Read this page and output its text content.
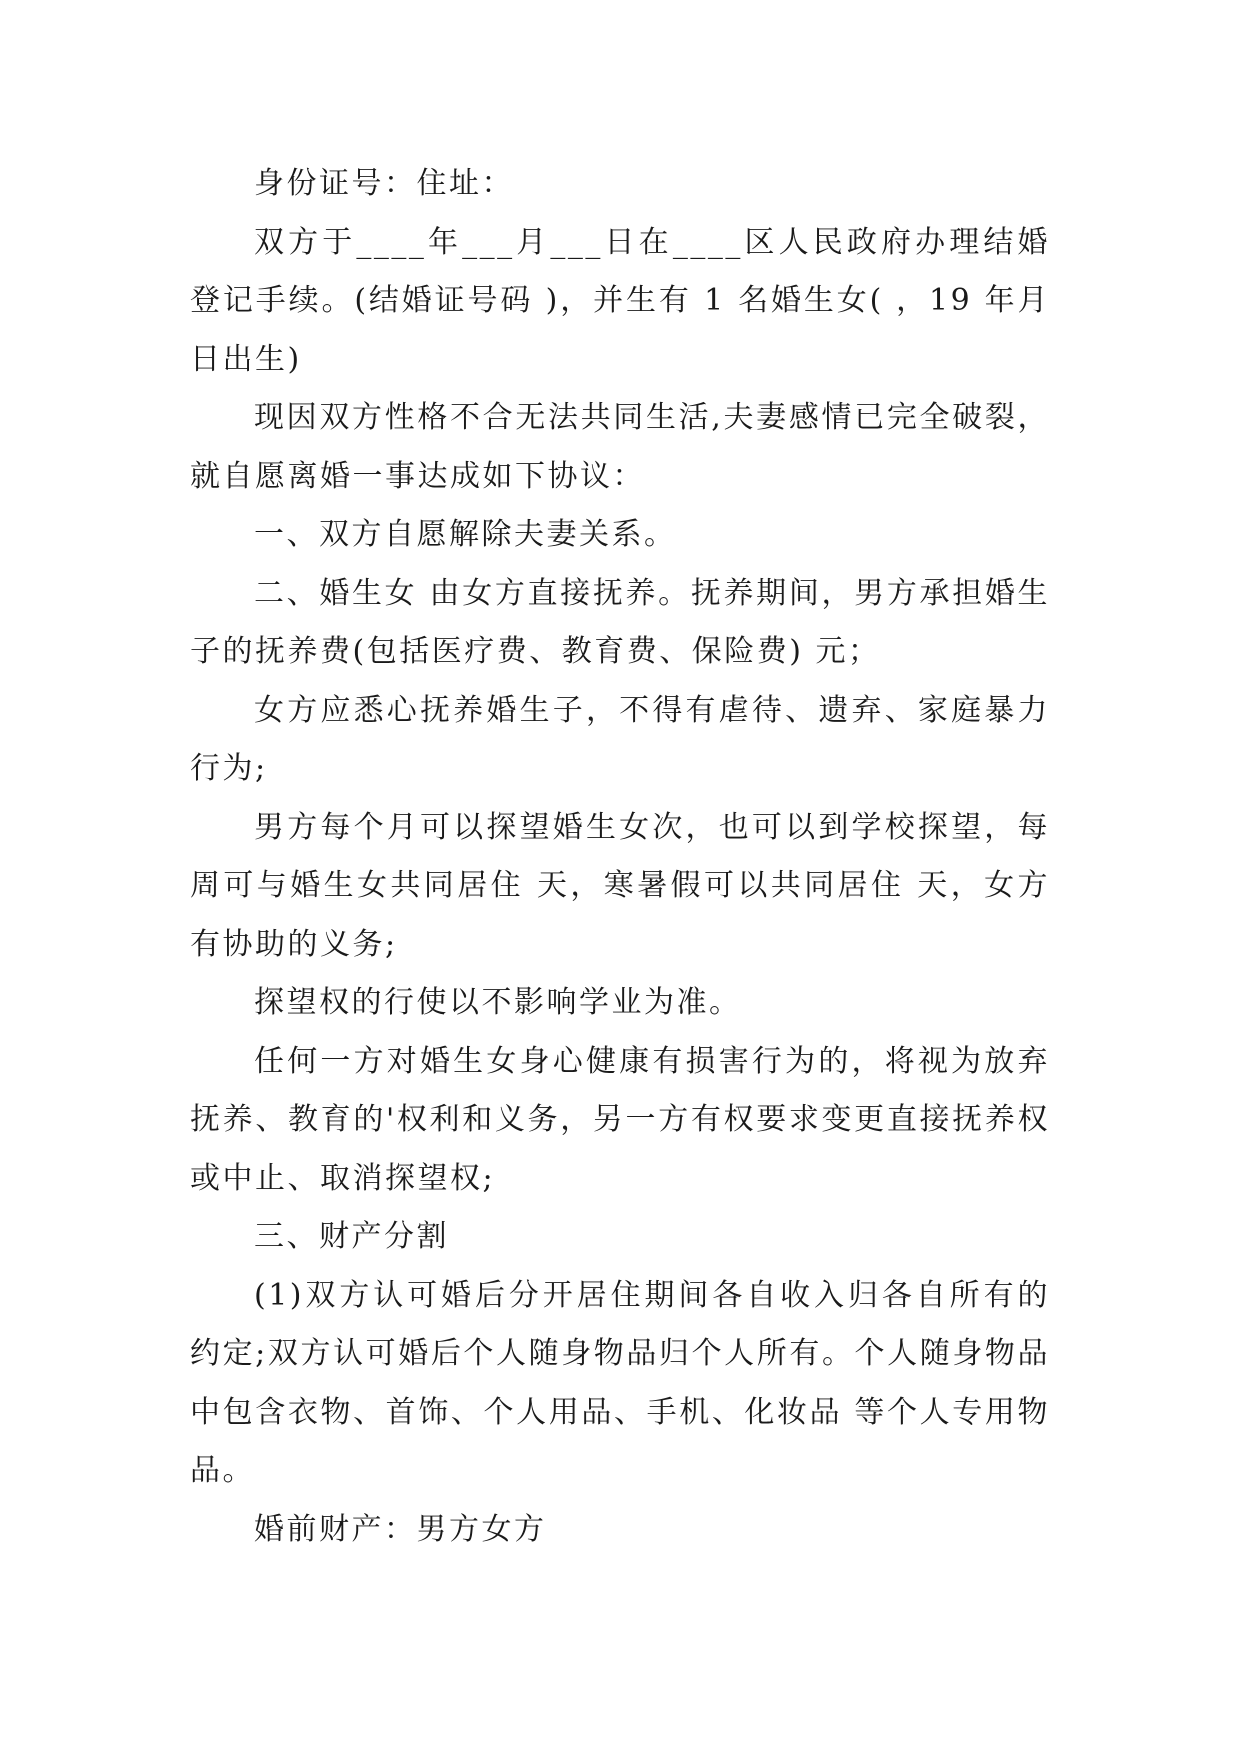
身份证号：住址：

双方于____年___月___日在____区人民政府办理结婚登记手续。(结婚证号码 )，并生有 1 名婚生女( ，19 年月日出生)

现因双方性格不合无法共同生活,夫妻感情已完全破裂，就自愿离婚一事达成如下协议：

一、双方自愿解除夫妻关系。

二、婚生女 由女方直接抚养。抚养期间，男方承担婚生子的抚养费(包括医疗费、教育费、保险费) 元；

女方应悉心抚养婚生子，不得有虐待、遗弃、家庭暴力行为;

男方每个月可以探望婚生女次，也可以到学校探望，每周可与婚生女共同居住 天，寒暑假可以共同居住 天，女方有协助的义务;

探望权的行使以不影响学业为准。

任何一方对婚生女身心健康有损害行为的，将视为放弃抚养、教育的'权利和义务，另一方有权要求变更直接抚养权或中止、取消探望权;

三、财产分割

(1)双方认可婚后分开居住期间各自收入归各自所有的约定;双方认可婚后个人随身物品归个人所有。个人随身物品中包含衣物、首饰、个人用品、手机、化妆品 等个人专用物品。

婚前财产：男方女方
